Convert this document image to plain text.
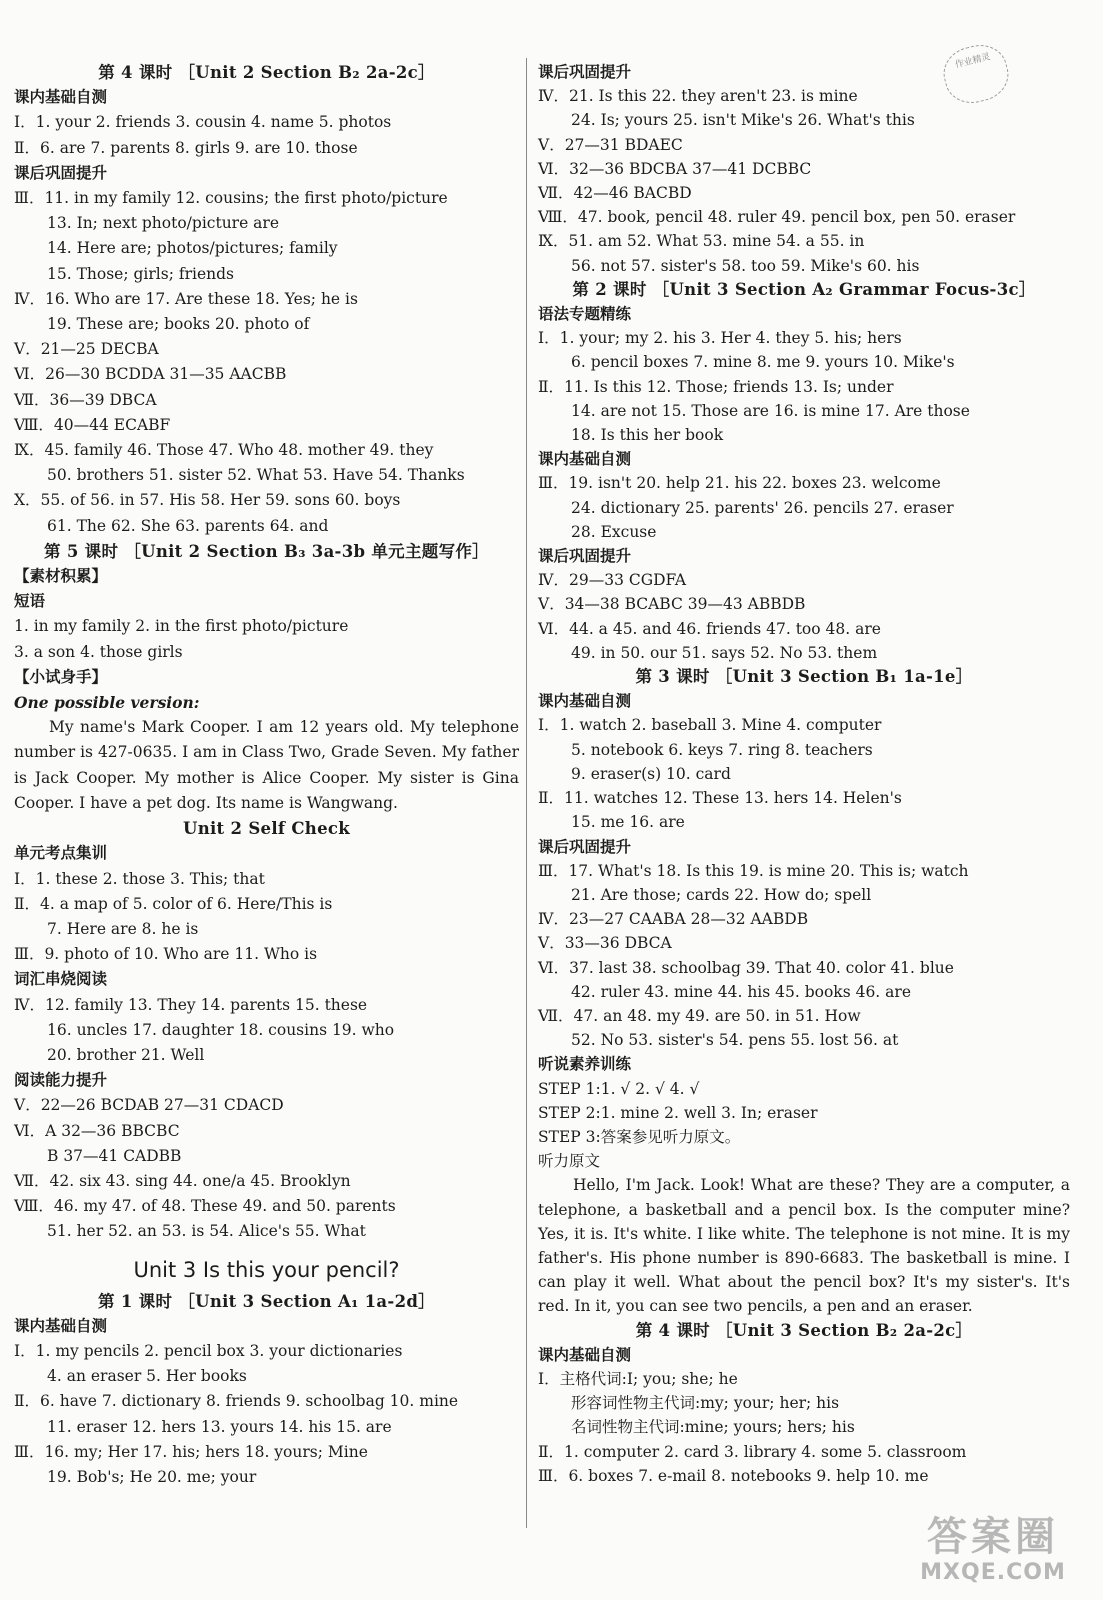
第 4 课时 ［Unit 2 Section B₂ 2a-2c］
课内基础自测
Ⅰ．1. your 2. friends 3. cousin 4. name 5. photos
Ⅱ．6. are 7. parents 8. girls 9. are 10. those
课后巩固提升
Ⅲ．11. in my family 12. cousins; the first photo/picture
13. In; next photo/picture are
14. Here are; photos/pictures; family
15. Those; girls; friends
Ⅳ．16. Who are 17. Are these 18. Yes; he is
19. These are; books 20. photo of
Ⅴ．21—25 DECBA
Ⅵ．26—30 BCDDA 31—35 AACBB
Ⅶ．36—39 DBCA
Ⅷ．40—44 ECABF
Ⅸ．45. family 46. Those 47. Who 48. mother 49. they
50. brothers 51. sister 52. What 53. Have 54. Thanks
Ⅹ．55. of 56. in 57. His 58. Her 59. sons 60. boys
61. The 62. She 63. parents 64. and
第 5 课时 ［Unit 2 Section B₃ 3a-3b 单元主题写作］
【素材积累】
短语
1. in my family 2. in the first photo/picture
3. a son 4. those girls
【小试身手】
One possible version:
My name's Mark Cooper. I am 12 years old. My telephone number is 427-0635. I am in Class Two, Grade Seven. My father is Jack Cooper. My mother is Alice Cooper. My sister is Gina Cooper. I have a pet dog. Its name is Wangwang.
Unit 2 Self Check
单元考点集训
Ⅰ．1. these 2. those 3. This; that
Ⅱ．4. a map of 5. color of 6. Here/This is
7. Here are 8. he is
Ⅲ．9. photo of 10. Who are 11. Who is
词汇串烧阅读
Ⅳ．12. family 13. They 14. parents 15. these
16. uncles 17. daughter 18. cousins 19. who
20. brother 21. Well
阅读能力提升
Ⅴ．22—26 BCDAB 27—31 CDACD
Ⅵ．A 32—36 BBCBC
B 37—41 CADBB
Ⅶ．42. six 43. sing 44. one/a 45. Brooklyn
Ⅷ．46. my 47. of 48. These 49. and 50. parents
51. her 52. an 53. is 54. Alice's 55. What
Unit 3 Is this your pencil?
第 1 课时 ［Unit 3 Section A₁ 1a-2d］
课内基础自测
Ⅰ．1. my pencils 2. pencil box 3. your dictionaries
4. an eraser 5. Her books
Ⅱ．6. have 7. dictionary 8. friends 9. schoolbag 10. mine
11. eraser 12. hers 13. yours 14. his 15. are
Ⅲ．16. my; Her 17. his; hers 18. yours; Mine
19. Bob's; He 20. me; your
课后巩固提升
Ⅳ．21. Is this 22. they aren't 23. is mine
24. Is; yours 25. isn't Mike's 26. What's this
Ⅴ．27—31 BDAEC
Ⅵ．32—36 BDCBA 37—41 DCBBC
Ⅶ．42—46 BACBD
Ⅷ．47. book, pencil 48. ruler 49. pencil box, pen 50. eraser
Ⅸ．51. am 52. What 53. mine 54. a 55. in
56. not 57. sister's 58. too 59. Mike's 60. his
第 2 课时 ［Unit 3 Section A₂ Grammar Focus-3c］
语法专题精练
Ⅰ．1. your; my 2. his 3. Her 4. they 5. his; hers
6. pencil boxes 7. mine 8. me 9. yours 10. Mike's
Ⅱ．11. Is this 12. Those; friends 13. Is; under
14. are not 15. Those are 16. is mine 17. Are those
18. Is this her book
课内基础自测
Ⅲ．19. isn't 20. help 21. his 22. boxes 23. welcome
24. dictionary 25. parents' 26. pencils 27. eraser
28. Excuse
课后巩固提升
Ⅳ．29—33 CGDFA
Ⅴ．34—38 BCABC 39—43 ABBDB
Ⅵ．44. a 45. and 46. friends 47. too 48. are
49. in 50. our 51. says 52. No 53. them
第 3 课时 ［Unit 3 Section B₁ 1a-1e］
课内基础自测
Ⅰ．1. watch 2. baseball 3. Mine 4. computer
5. notebook 6. keys 7. ring 8. teachers
9. eraser(s) 10. card
Ⅱ．11. watches 12. These 13. hers 14. Helen's
15. me 16. are
课后巩固提升
Ⅲ．17. What's 18. Is this 19. is mine 20. This is; watch
21. Are those; cards 22. How do; spell
Ⅳ．23—27 CAABA 28—32 AABDB
Ⅴ．33—36 DBCA
Ⅵ．37. last 38. schoolbag 39. That 40. color 41. blue
42. ruler 43. mine 44. his 45. books 46. are
Ⅶ．47. an 48. my 49. are 50. in 51. How
52. No 53. sister's 54. pens 55. lost 56. at
听说素养训练
STEP 1:1. √ 2. √ 4. √
STEP 2:1. mine 2. well 3. In; eraser
STEP 3:答案参见听力原文。
听力原文
Hello, I'm Jack. Look! What are these? They are a computer, a telephone, a basketball and a pencil box. Is the computer mine? Yes, it is. It's white. I like white. The telephone is not mine. It is my father's. His phone number is 890-6683. The basketball is mine. I can play it well. What about the pencil box? It's my sister's. It's red. In it, you can see two pencils, a pen and an eraser.
第 4 课时 ［Unit 3 Section B₂ 2a-2c］
课内基础自测
Ⅰ．主格代词:I; you; she; he
形容词性物主代词:my; your; her; his
名词性物主代词:mine; yours; hers; his
Ⅱ．1. computer 2. card 3. library 4. some 5. classroom
Ⅲ．6. boxes 7. e-mail 8. notebooks 9. help 10. me
作业精灵
答案圈
MXQE.COM
